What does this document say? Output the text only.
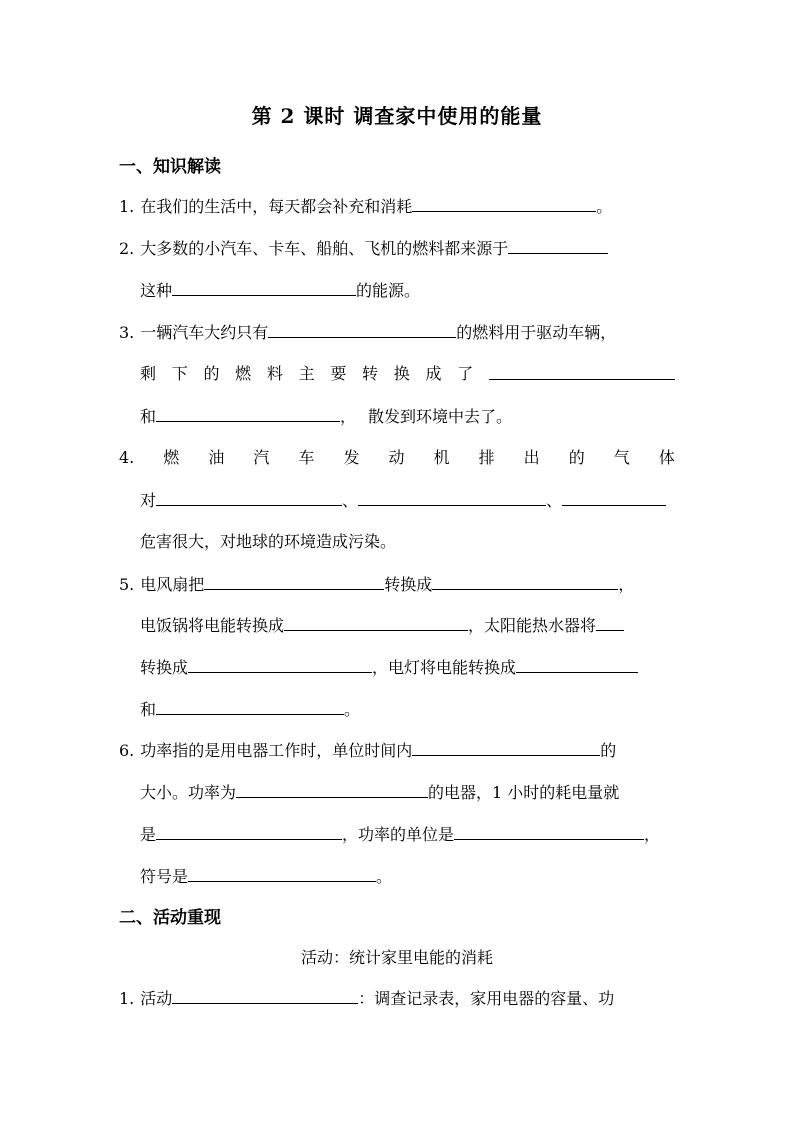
第 2 课时 调查家中使用的能量
一、知识解读
1. 在我们的生活中，每天都会补充和消耗	。
2. 大多数的小汽车、卡车、船舶、飞机的燃料都来源于
这种	的能源。
3. 一辆汽车大约只有	的燃料用于驱动车辆，
剩 下 的 燃 料 主 要 转 换 成 了
和	， 散发到环境中去了。
4. 燃 油 汽 车 发 动 机 排 出 的 气 体
对	、	、
危害很大，对地球的环境造成污染。
5. 电风扇把	转换成	，
电饭锅将电能转换成	，太阳能热水器将
转换成	，电灯将电能转换成
和	。
6. 功率指的是用电器工作时，单位时间内	的
大小。功率为	的电器，1 小时的耗电量就
是	，功率的单位是	，
符号是	。
二、活动重现
活动：统计家里电能的消耗
1. 活动	：调查记录表，家用电器的容量、功
